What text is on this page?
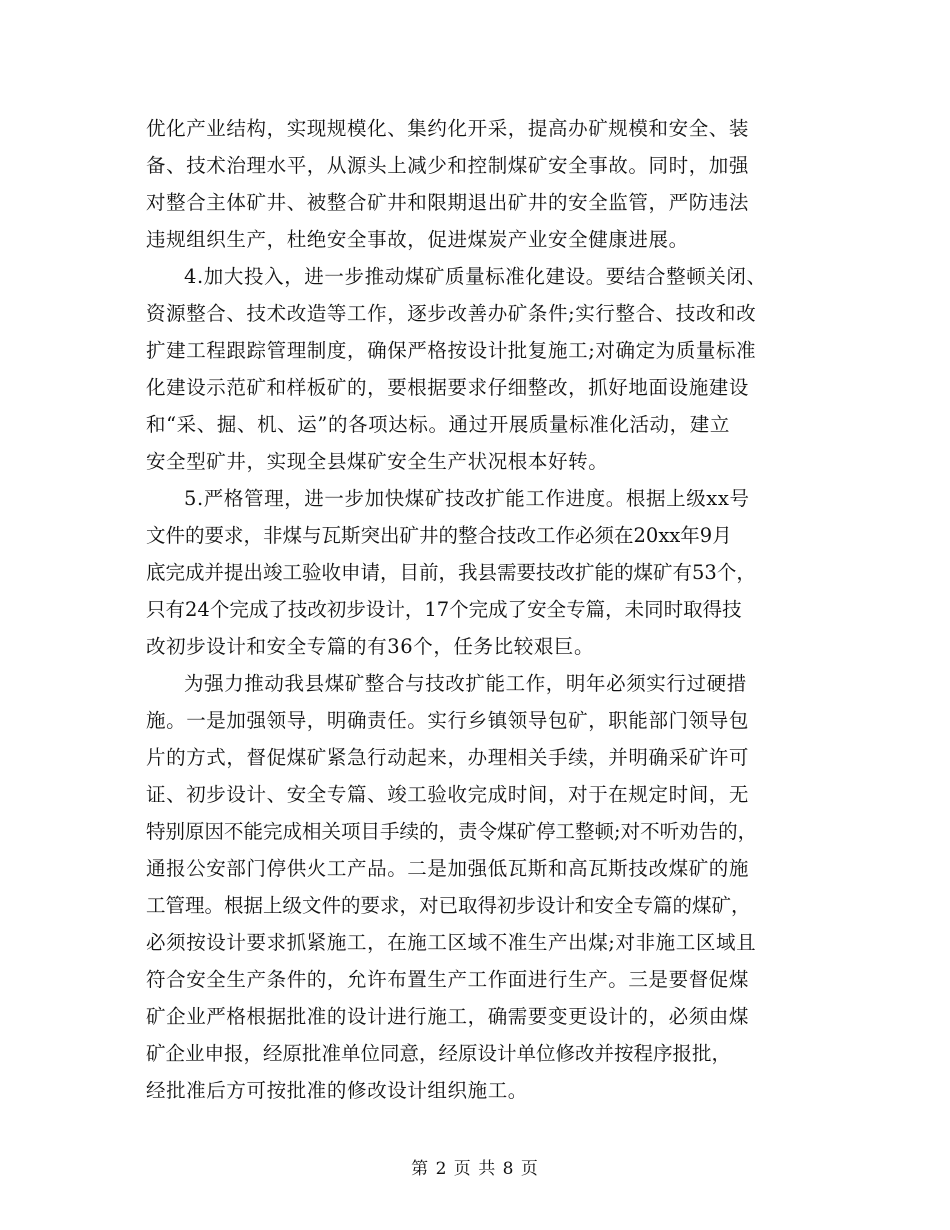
优化产业结构，实现规模化、集约化开采，提高办矿规模和安全、装
备、技术治理水平，从源头上减少和控制煤矿安全事故。同时，加强
对整合主体矿井、被整合矿井和限期退出矿井的安全监管，严防违法
违规组织生产，杜绝安全事故，促进煤炭产业安全健康进展。
4.加大投入，进一步推动煤矿质量标准化建设。要结合整顿关闭、
资源整合、技术改造等工作，逐步改善办矿条件;实行整合、技改和改
扩建工程跟踪管理制度，确保严格按设计批复施工;对确定为质量标准
化建设示范矿和样板矿的，要根据要求仔细整改，抓好地面设施建设
和“采、掘、机、运”的各项达标。通过开展质量标准化活动，建立
安全型矿井，实现全县煤矿安全生产状况根本好转。
5.严格管理，进一步加快煤矿技改扩能工作进度。根据上级xx号
文件的要求，非煤与瓦斯突出矿井的整合技改工作必须在20xx年9月
底完成并提出竣工验收申请，目前，我县需要技改扩能的煤矿有53个，
只有24个完成了技改初步设计，17个完成了安全专篇，未同时取得技
改初步设计和安全专篇的有36个，任务比较艰巨。
为强力推动我县煤矿整合与技改扩能工作，明年必须实行过硬措
施。一是加强领导，明确责任。实行乡镇领导包矿，职能部门领导包
片的方式，督促煤矿紧急行动起来，办理相关手续，并明确采矿许可
证、初步设计、安全专篇、竣工验收完成时间，对于在规定时间，无
特别原因不能完成相关项目手续的，责令煤矿停工整顿;对不听劝告的，
通报公安部门停供火工产品。二是加强低瓦斯和高瓦斯技改煤矿的施
工管理。根据上级文件的要求，对已取得初步设计和安全专篇的煤矿，
必须按设计要求抓紧施工，在施工区域不准生产出煤;对非施工区域且
符合安全生产条件的，允许布置生产工作面进行生产。三是要督促煤
矿企业严格根据批准的设计进行施工，确需要变更设计的，必须由煤
矿企业申报，经原批准单位同意，经原设计单位修改并按程序报批，
经批准后方可按批准的修改设计组织施工。
第 2 页 共 8 页
